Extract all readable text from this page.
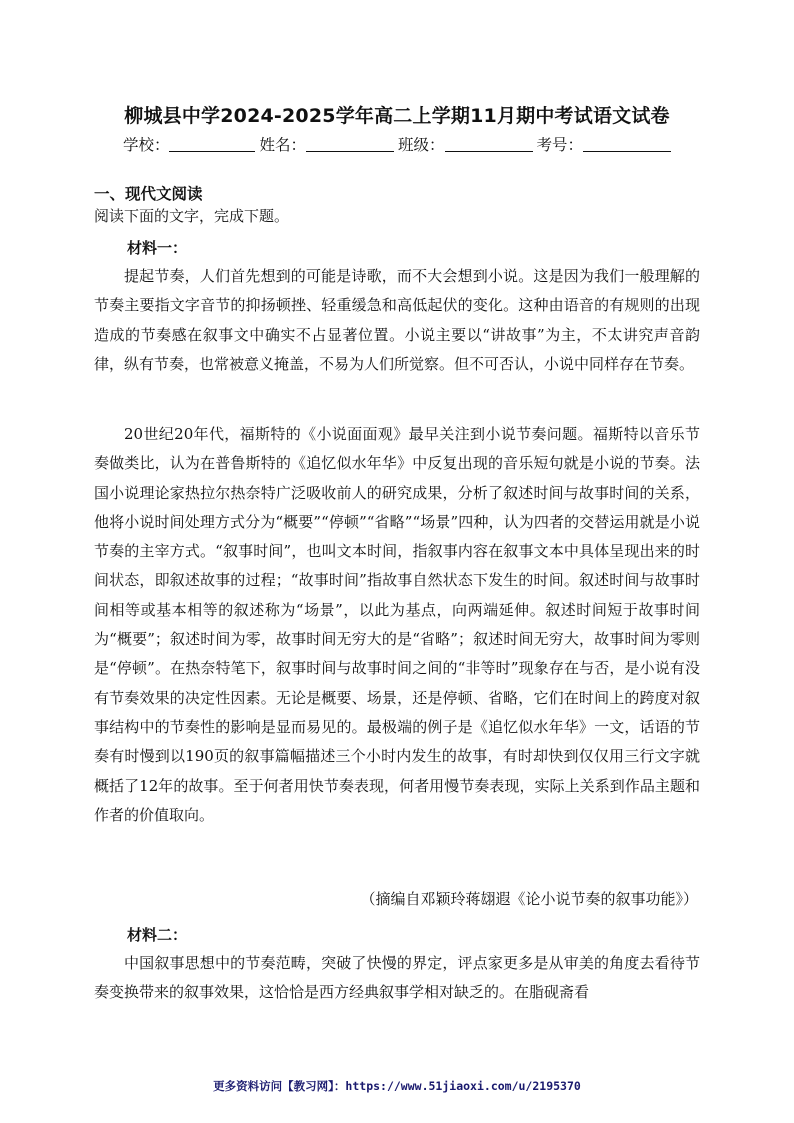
柳城县中学2024-2025学年高二上学期11月期中考试语文试卷
学校：	姓名：	班级：	考号：
一、现代文阅读
阅读下面的文字，完成下题。
材料一：

提起节奏，人们首先想到的可能是诗歌，而不大会想到小说。这是因为我们一般理解的节奏主要指文字音节的抑扬顿挫、轻重缓急和高低起伏的变化。这种由语音的有规则的出现造成的节奏感在叙事文中确实不占显著位置。小说主要以“讲故事”为主，不太讲究声音韵律，纵有节奏，也常被意义掩盖，不易为人们所觉察。但不可否认，小说中同样存在节奏。

20世纪20年代，福斯特的《小说面面观》最早关注到小说节奏问题。福斯特以音乐节奏做类比，认为在普鲁斯特的《追忆似水年华》中反复出现的音乐短句就是小说的节奏。法国小说理论家热拉尔热奈特广泛吸收前人的研究成果，分析了叙述时间与故事时间的关系，他将小说时间处理方式分为“概要”“停顿”“省略”“场景”四种，认为四者的交替运用就是小说节奏的主宰方式。“叙事时间”，也叫文本时间，指叙事内容在叙事文本中具体呈现出来的时间状态，即叙述故事的过程；“故事时间”指故事自然状态下发生的时间。叙述时间与故事时间相等或基本相等的叙述称为“场景”，以此为基点，向两端延伸。叙述时间短于故事时间为“概要”；叙述时间为零，故事时间无穷大的是“省略”；叙述时间无穷大，故事时间为零则是“停顿”。在热奈特笔下，叙事时间与故事时间之间的“非等时”现象存在与否，是小说有没有节奏效果的决定性因素。无论是概要、场景，还是停顿、省略，它们在时间上的跨度对叙事结构中的节奏性的影响是显而易见的。最极端的例子是《追忆似水年华》一文，话语的节奏有时慢到以190页的叙事篇幅描述三个小时内发生的故事，有时却快到仅仅用三行文字就概括了12年的故事。至于何者用快节奏表现，何者用慢节奏表现，实际上关系到作品主题和作者的价值取向。

（摘编自邓颖玲蒋翃遐《论小说节奏的叙事功能》）
材料二：

中国叙事思想中的节奏范畴，突破了快慢的界定，评点家更多是从审美的角度去看待节奏变换带来的叙事效果，这恰恰是西方经典叙事学相对缺乏的。在脂砚斋看

更多资料访问【教习网】：https://www.51jiaoxi.com/u/2195370
